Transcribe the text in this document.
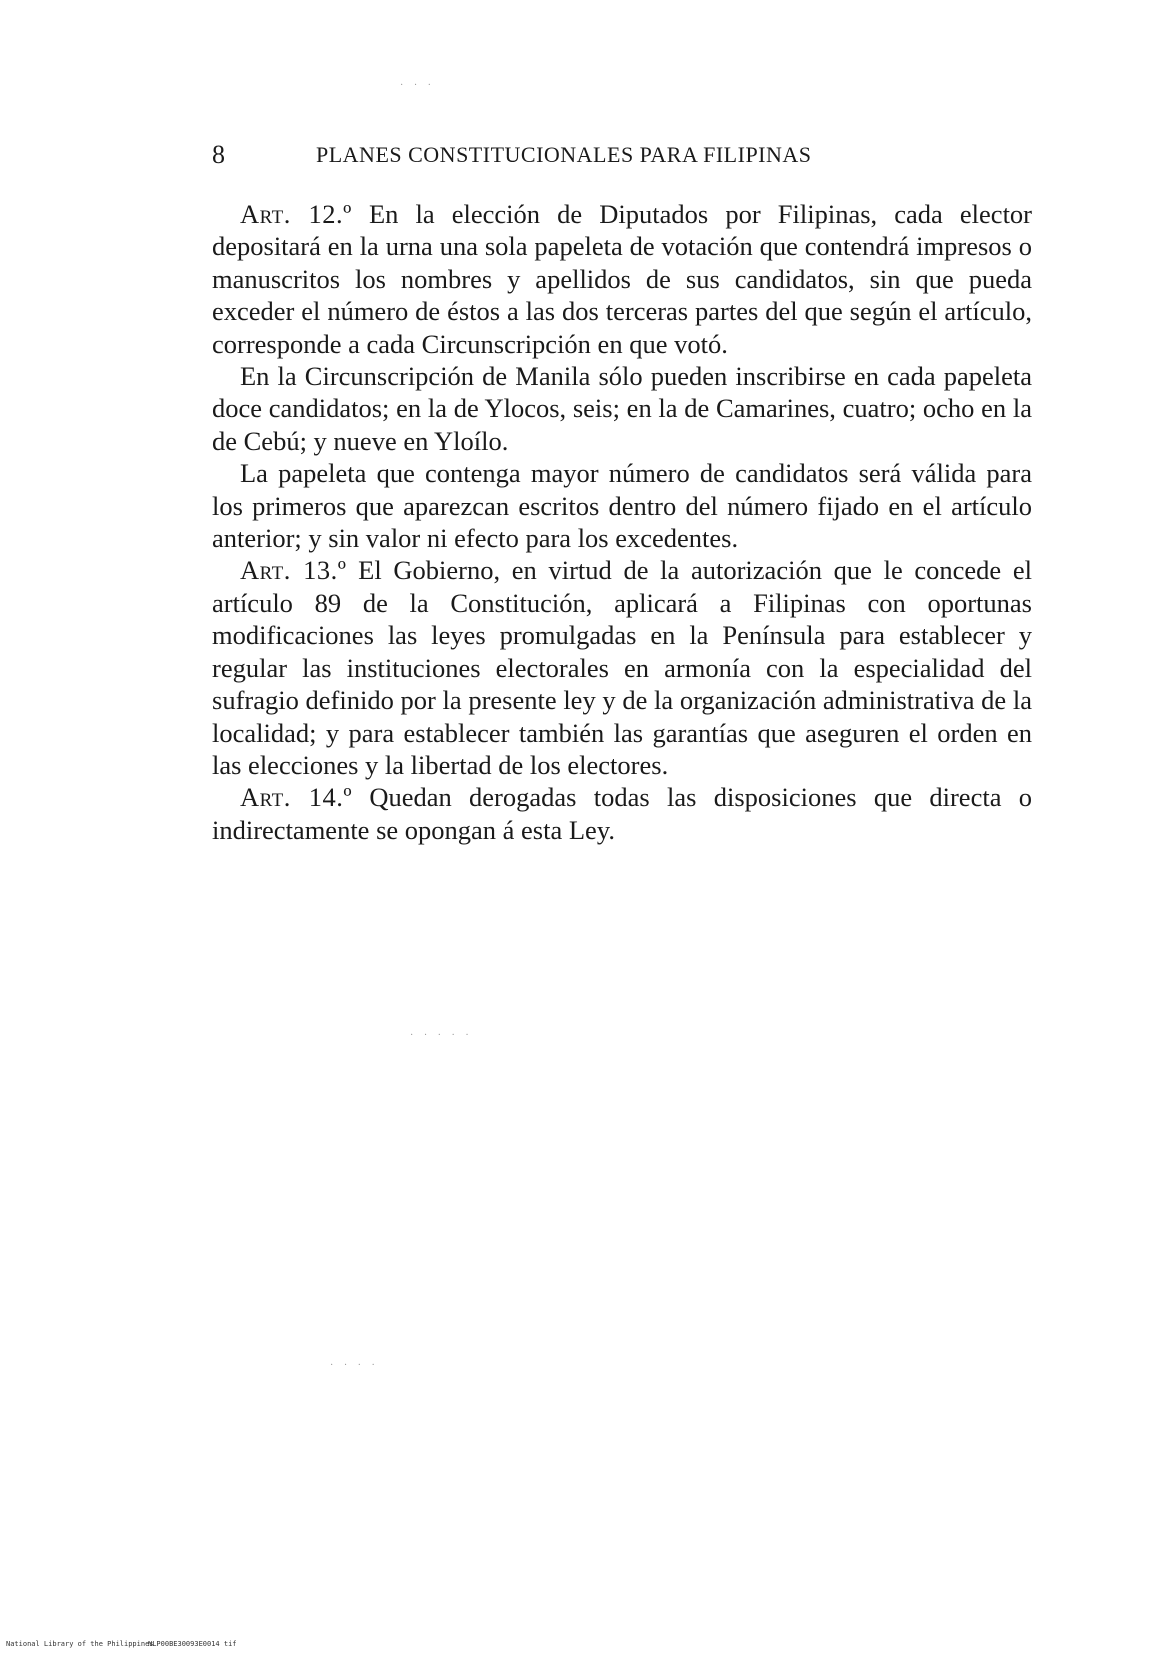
8	PLANES CONSTITUCIONALES PARA FILIPINAS

Art. 12.º En la elección de Diputados por Filipinas, cada elector depositará en la urna una sola papeleta de votación que contendrá impresos o manuscritos los nombres y apellidos de sus candidatos, sin que pueda exceder el número de éstos a las dos terceras partes del que según el artículo, corresponde a cada Circunscripción en que votó.

En la Circunscripción de Manila sólo pueden inscribirse en cada papeleta doce candidatos; en la de Ylocos, seis; en la de Camarines, cuatro; ocho en la de Cebú; y nueve en Yloílo.

La papeleta que contenga mayor número de candidatos será válida para los primeros que aparezcan escritos dentro del número fijado en el artículo anterior; y sin valor ni efecto para los excedentes.

Art. 13.º El Gobierno, en virtud de la autorización que le concede el artículo 89 de la Constitución, aplicará a Filipinas con oportunas modificaciones las leyes promulgadas en la Península para establecer y regular las instituciones electorales en armonía con la especialidad del sufragio definido por la presente ley y de la organización administrativa de la localidad; y para establecer también las garantías que aseguren el orden en las elecciones y la libertad de los electores.

Art. 14.º Quedan derogadas todas las disposiciones que directa o indirectamente se opongan á esta Ley.

· · ·
· · · · ·
· · · ·
National Library of the Philippines
NLP00BE30093E0014 tif
